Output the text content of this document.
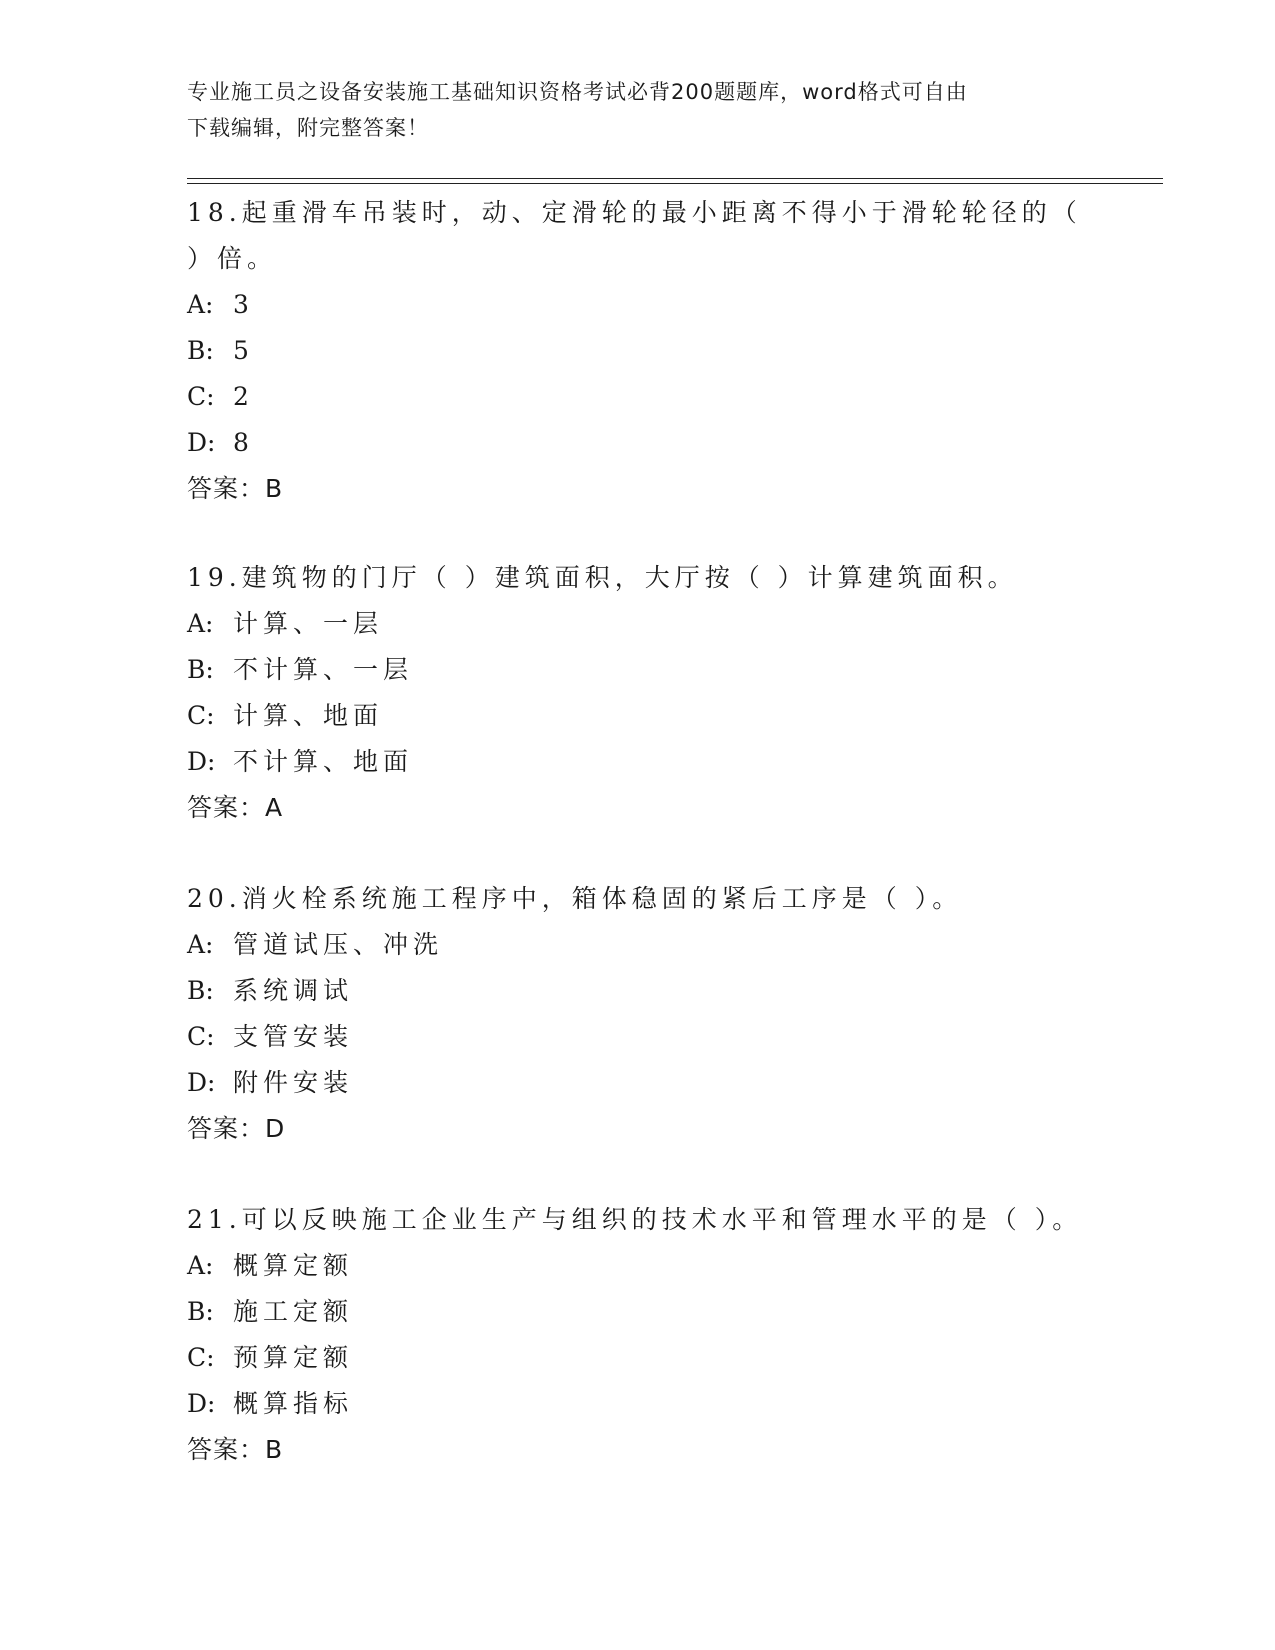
专业施工员之设备安装施工基础知识资格考试必背200题题库，word格式可自由
下载编辑，附完整答案！

18.起重滑车吊装时，动、定滑轮的最小距离不得小于滑轮轮径的（
）倍。

A: 3

B: 5

C: 2

D: 8

答案：B

19.建筑物的门厅（ ）建筑面积，大厅按（ ）计算建筑面积。

A: 计算、一层

B: 不计算、一层

C: 计算、地面

D: 不计算、地面

答案：A

20.消火栓系统施工程序中，箱体稳固的紧后工序是（ ）。

A: 管道试压、冲洗

B: 系统调试

C: 支管安装

D: 附件安装

答案：D

21.可以反映施工企业生产与组织的技术水平和管理水平的是（ ）。

A: 概算定额

B: 施工定额

C: 预算定额

D: 概算指标

答案：B
